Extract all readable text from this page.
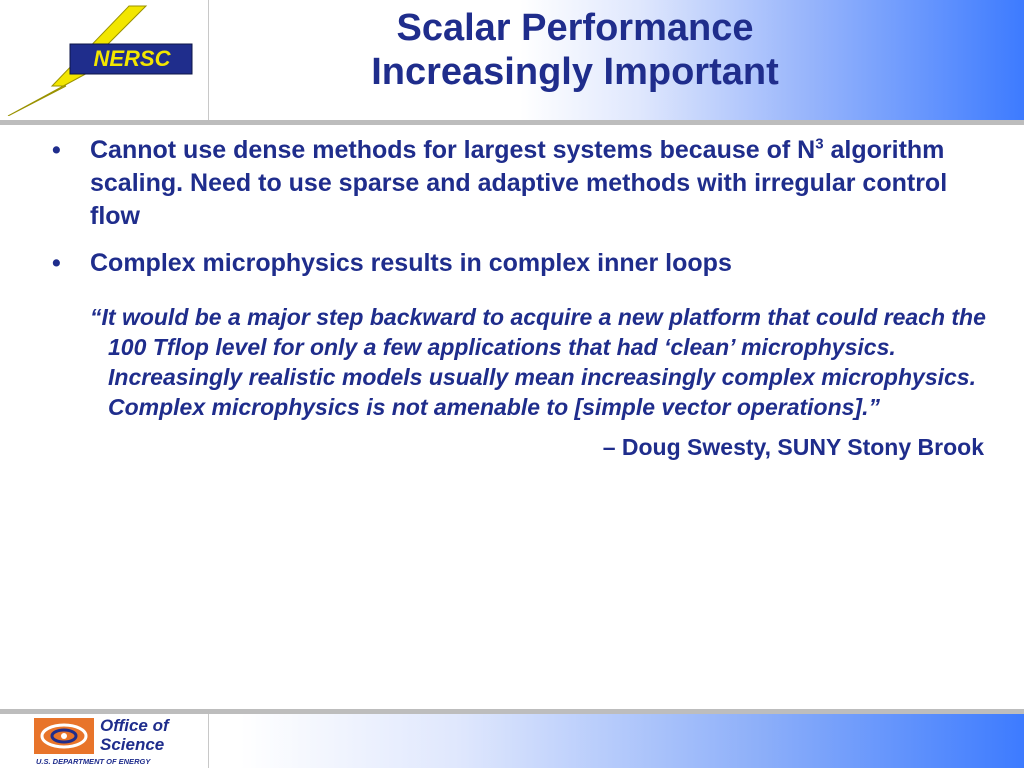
NERSC
Scalar Performance
Increasingly Important
• Cannot use dense methods for largest systems because of $N^3$ algorithm scaling. Need to use sparse and adaptive methods with irregular control flow
• Complex microphysics results in complex inner loops
“It would be a major step backward to acquire a new platform that could reach the 100 Tflop level for only a few applications that had ‘clean’ microphysics. Increasingly realistic models usually mean increasingly complex microphysics. Complex microphysics is not amenable to [simple vector operations].”
– Doug Swesty, SUNY Stony Brook
Office of
Science
U.S. DEPARTMENT OF ENERGY
